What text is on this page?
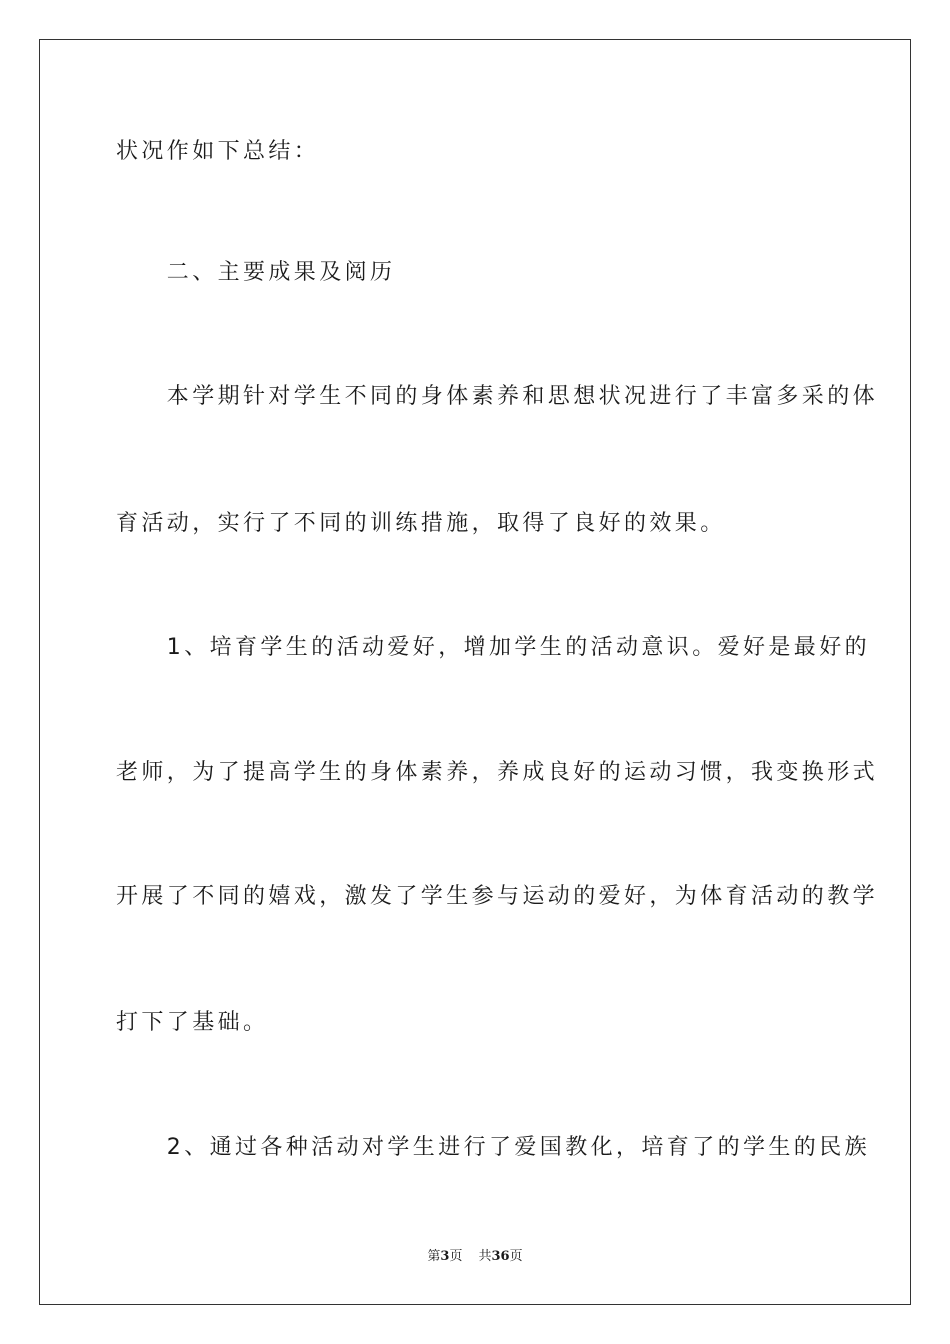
状况作如下总结：

　　二、主要成果及阅历

　　本学期针对学生不同的身体素养和思想状况进行了丰富多采的体

育活动，实行了不同的训练措施，取得了良好的效果。

　　1、培育学生的活动爱好，增加学生的活动意识。爱好是最好的

老师，为了提高学生的身体素养，养成良好的运动习惯，我变换形式

开展了不同的嬉戏，激发了学生参与运动的爱好，为体育活动的教学

打下了基础。

　　2、通过各种活动对学生进行了爱国教化，培育了的学生的民族

第3页 共36页
